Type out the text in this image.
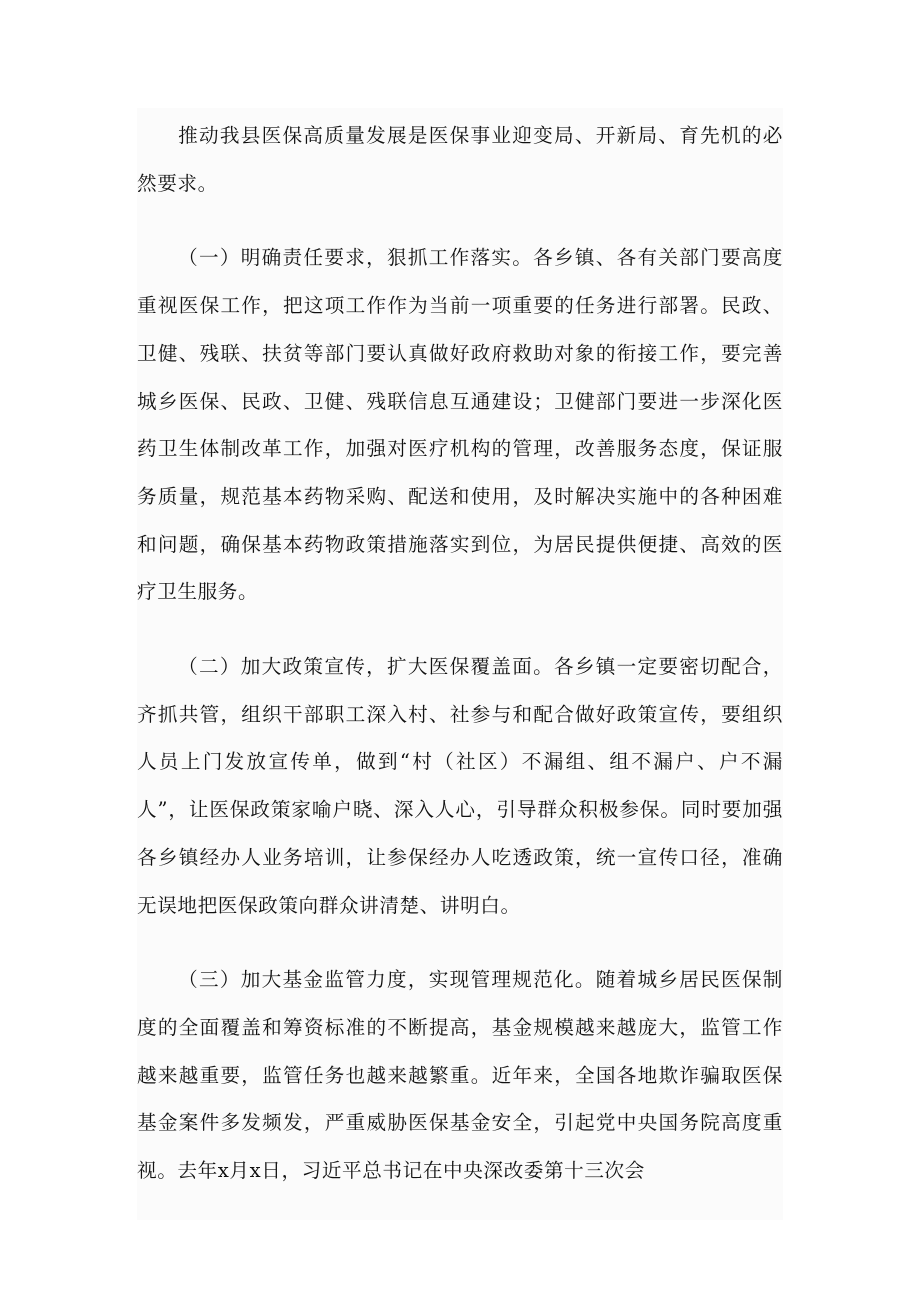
推动我县医保高质量发展是医保事业迎变局、开新局、育先机的必然要求。

（一）明确责任要求，狠抓工作落实。各乡镇、各有关部门要高度重视医保工作，把这项工作作为当前一项重要的任务进行部署。民政、卫健、残联、扶贫等部门要认真做好政府救助对象的衔接工作，要完善城乡医保、民政、卫健、残联信息互通建设；卫健部门要进一步深化医药卫生体制改革工作，加强对医疗机构的管理，改善服务态度，保证服务质量，规范基本药物采购、配送和使用，及时解决实施中的各种困难和问题，确保基本药物政策措施落实到位，为居民提供便捷、高效的医疗卫生服务。

（二）加大政策宣传，扩大医保覆盖面。各乡镇一定要密切配合，齐抓共管，组织干部职工深入村、社参与和配合做好政策宣传，要组织人员上门发放宣传单，做到“村（社区）不漏组、组不漏户、户不漏人”，让医保政策家喻户晓、深入人心，引导群众积极参保。同时要加强各乡镇经办人业务培训，让参保经办人吃透政策，统一宣传口径，准确无误地把医保政策向群众讲清楚、讲明白。

（三）加大基金监管力度，实现管理规范化。随着城乡居民医保制度的全面覆盖和筹资标准的不断提高，基金规模越来越庞大，监管工作越来越重要，监管任务也越来越繁重。近年来，全国各地欺诈骗取医保基金案件多发频发，严重威胁医保基金安全，引起党中央国务院高度重视。去年x月x日，习近平总书记在中央深改委第十三次会
